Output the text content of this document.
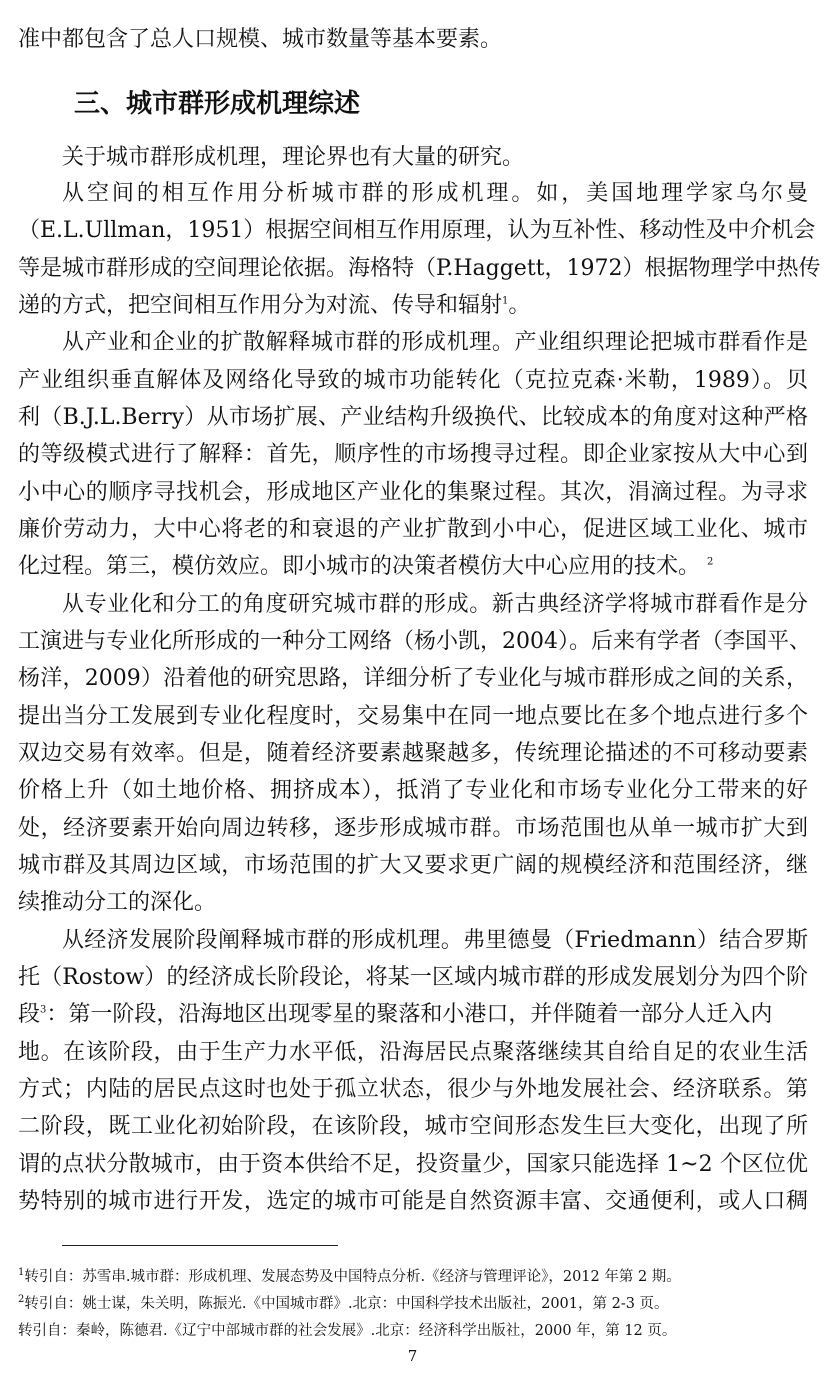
准中都包含了总人口规模、城市数量等基本要素。
三、城市群形成机理综述
关于城市群形成机理，理论界也有大量的研究。
从空间的相互作用分析城市群的形成机理。如，美国地理学家乌尔曼
（E.L.Ullman，1951）根据空间相互作用原理，认为互补性、移动性及中介机会
等是城市群形成的空间理论依据。海格特（P.Haggett，1972）根据物理学中热传
递的方式，把空间相互作用分为对流、传导和辐射$^1$。
从产业和企业的扩散解释城市群的形成机理。产业组织理论把城市群看作是
产业组织垂直解体及网络化导致的城市功能转化（克拉克森·米勒，1989）。贝
利（B.J.L.Berry）从市场扩展、产业结构升级换代、比较成本的角度对这种严格
的等级模式进行了解释：首先，顺序性的市场搜寻过程。即企业家按从大中心到
小中心的顺序寻找机会，形成地区产业化的集聚过程。其次，涓滴过程。为寻求
廉价劳动力，大中心将老的和衰退的产业扩散到小中心，促进区域工业化、城市
化过程。第三，模仿效应。即小城市的决策者模仿大中心应用的技术。 $^2$
从专业化和分工的角度研究城市群的形成。新古典经济学将城市群看作是分
工演进与专业化所形成的一种分工网络（杨小凯，2004）。后来有学者（李国平、
杨洋，2009）沿着他的研究思路，详细分析了专业化与城市群形成之间的关系，
提出当分工发展到专业化程度时，交易集中在同一地点要比在多个地点进行多个
双边交易有效率。但是，随着经济要素越聚越多，传统理论描述的不可移动要素
价格上升（如土地价格、拥挤成本），抵消了专业化和市场专业化分工带来的好
处，经济要素开始向周边转移，逐步形成城市群。市场范围也从单一城市扩大到
城市群及其周边区域，市场范围的扩大又要求更广阔的规模经济和范围经济，继
续推动分工的深化。
从经济发展阶段阐释城市群的形成机理。弗里德曼（Friedmann）结合罗斯
托（Rostow）的经济成长阶段论，将某一区域内城市群的形成发展划分为四个阶
段$^3$：第一阶段，沿海地区出现零星的聚落和小港口，并伴随着一部分人迁入内
地。在该阶段，由于生产力水平低，沿海居民点聚落继续其自给自足的农业生活
方式；内陆的居民点这时也处于孤立状态，很少与外地发展社会、经济联系。第
二阶段，既工业化初始阶段，在该阶段，城市空间形态发生巨大变化，出现了所
谓的点状分散城市，由于资本供给不足，投资量少，国家只能选择 1~2 个区位优
势特别的城市进行开发，选定的城市可能是自然资源丰富、交通便利，或人口稠
$^1$转引自：苏雪串.城市群：形成机理、发展态势及中国特点分析.《经济与管理评论》，2012 年第 2 期。
$^2$转引自：姚士谋，朱关明，陈振光.《中国城市群》.北京：中国科学技术出版社，2001，第 2-3 页。
转引自：秦岭，陈德君.《辽宁中部城市群的社会发展》.北京：经济科学出版社，2000 年，第 12 页。
7
